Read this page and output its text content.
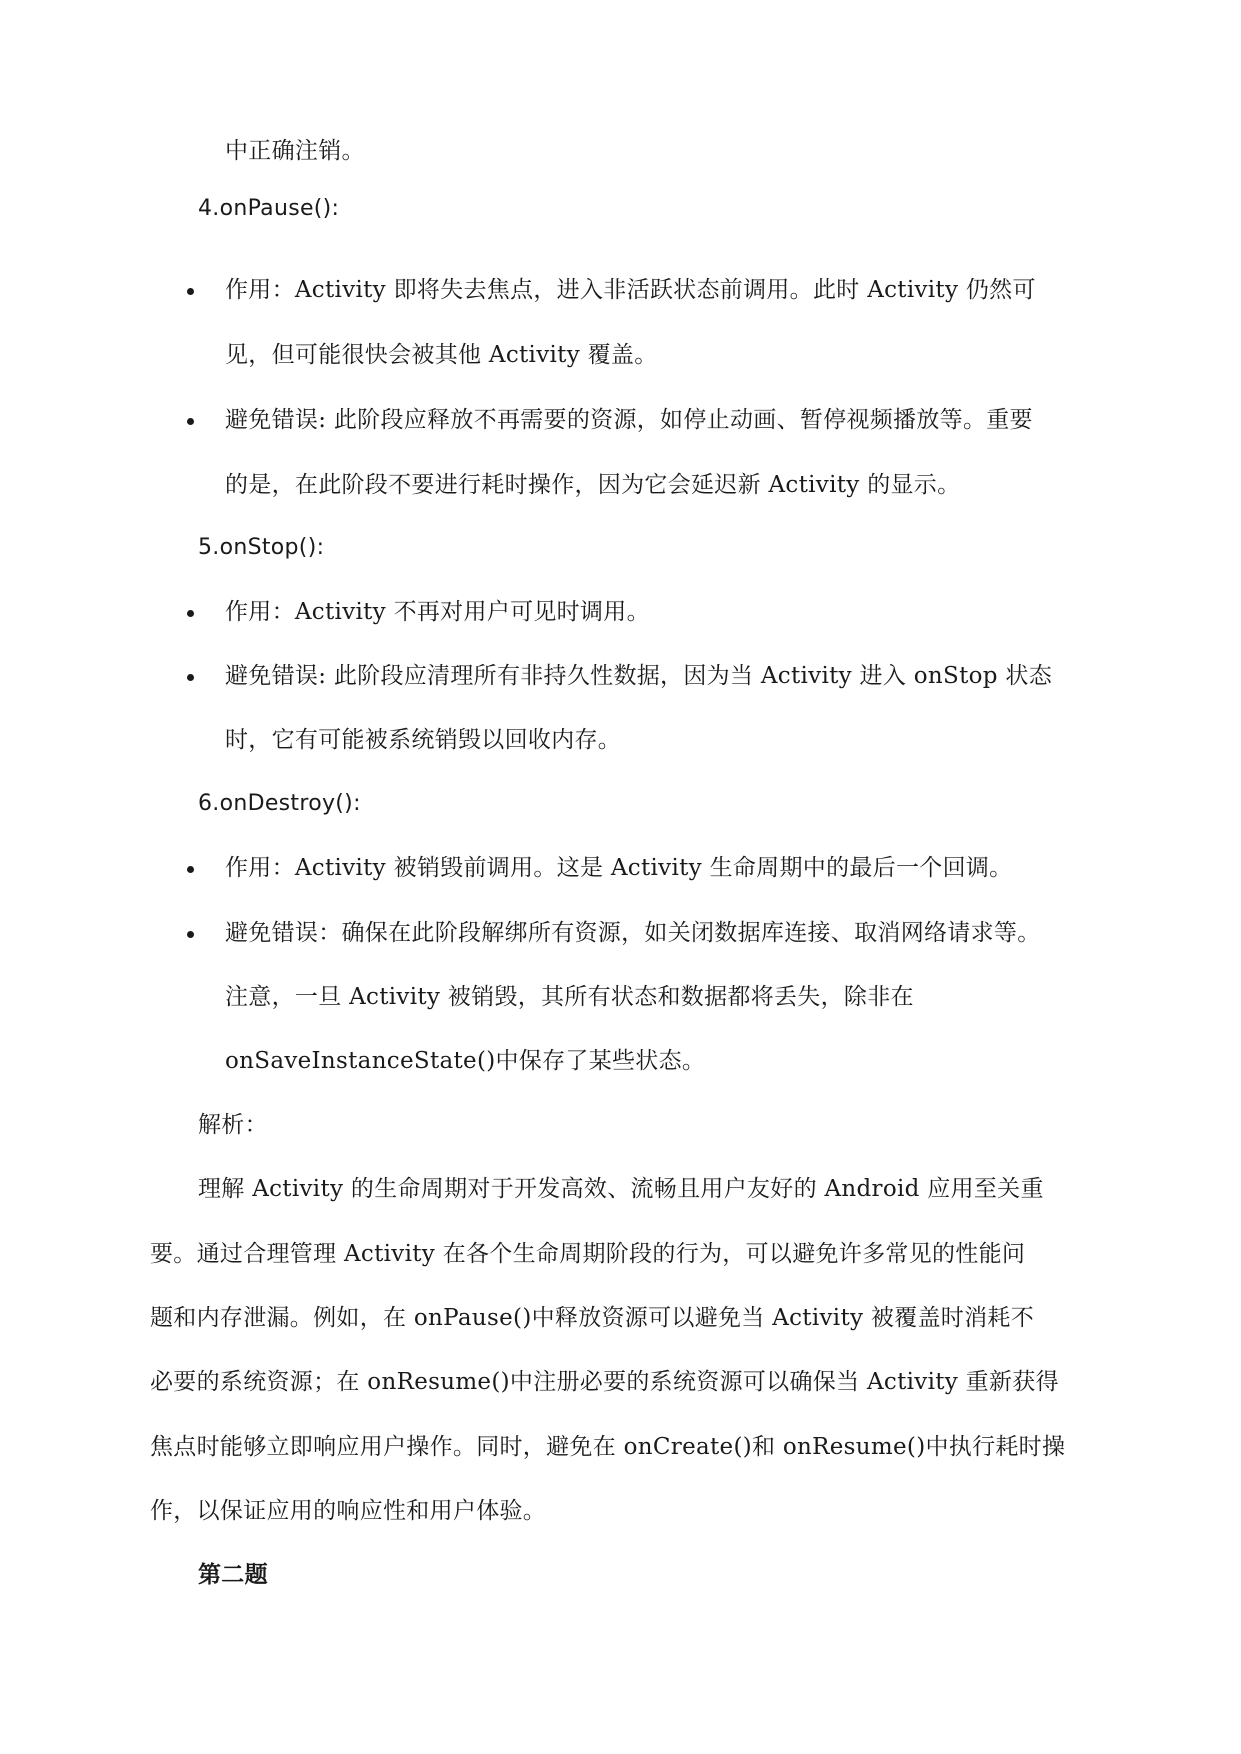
中正确注销。
4.onPause():
作用：Activity 即将失去焦点，进入非活跃状态前调用。此时 Activity 仍然可
见，但可能很快会被其他 Activity 覆盖。
避免错误: 此阶段应释放不再需要的资源，如停止动画、暂停视频播放等。重要
的是，在此阶段不要进行耗时操作，因为它会延迟新 Activity 的显示。
5.onStop():
作用：Activity 不再对用户可见时调用。
避免错误: 此阶段应清理所有非持久性数据，因为当 Activity 进入 onStop 状态
时，它有可能被系统销毁以回收内存。
6.onDestroy():
作用：Activity 被销毁前调用。这是 Activity 生命周期中的最后一个回调。
避免错误：确保在此阶段解绑所有资源，如关闭数据库连接、取消网络请求等。
注意，一旦 Activity 被销毁，其所有状态和数据都将丢失，除非在
onSaveInstanceState()中保存了某些状态。
解析：
理解 Activity 的生命周期对于开发高效、流畅且用户友好的 Android 应用至关重
要。通过合理管理 Activity 在各个生命周期阶段的行为，可以避免许多常见的性能问
题和内存泄漏。例如，在 onPause()中释放资源可以避免当 Activity 被覆盖时消耗不
必要的系统资源；在 onResume()中注册必要的系统资源可以确保当 Activity 重新获得
焦点时能够立即响应用户操作。同时，避免在 onCreate()和 onResume()中执行耗时操
作，以保证应用的响应性和用户体验。
第二题
